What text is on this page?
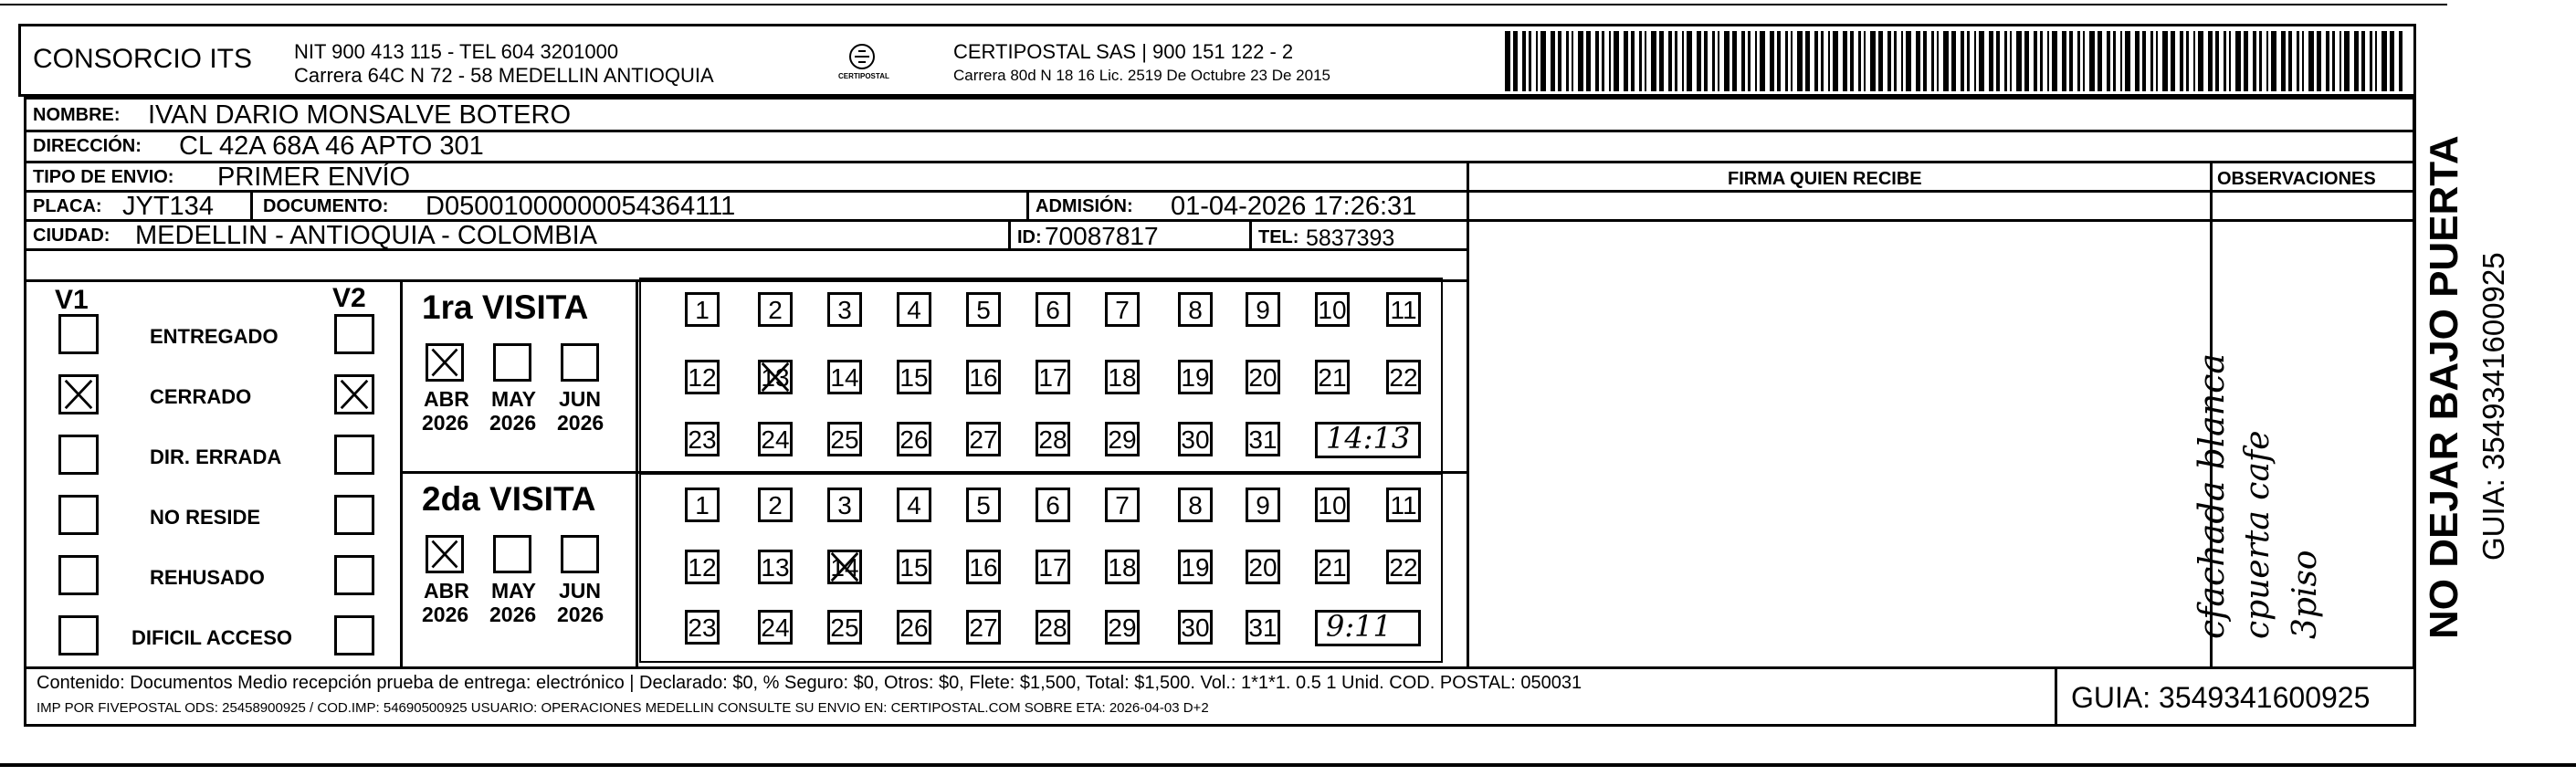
CONSORCIO ITS NIT 900 413 115 - TEL 604 3201000
Carrera 64C N 72 - 58 MEDELLIN ANTIOQUIA	CERTIPOSTAL
CERTIPOSTAL SAS | 900 151 122 - 2
Carrera 80d N 18 16 Lic. 2519 De Octubre 23 De 2015
NOMBRE: IVAN DARIO MONSALVE BOTERO
DIRECCIÓN: CL 42A 68A 46 APTO 301
TIPO DE ENVIO: PRIMER ENVÍO
PLACA: JYT134	DOCUMENTO: D05001000000054364111	ADMISIÓN: 01-04-2026 17:26:31
CIUDAD: MEDELLIN - ANTIOQUIA - COLOMBIA	ID: 70087817	TEL: 5837393
FIRMA QUIEN RECIBE	OBSERVACIONES
cfachada blanca cpuerta cafe 3piso NO DEJAR BAJO PUERTA GUIA: 3549341600925
V1	V2
ENTREGADO
CERRADO
DIR. ERRADA
NO RESIDE
REHUSADO
DIFICIL ACCESO
1ra VISITA
2da VISITA
ABR
2026
MAY
2026
JUN
2026
ABR
2026
MAY
2026
JUN
2026
1	2	3	4	5	6	7	8	9	10 11
12 13 14 15 16 17 18 19 20 21 22
23 24 25 26 27 28 29 30 31 14:13
1	2	3	4	5	6	7	8	9	10 11
12 13 14 15 16 17 18 19 20 21 22
23 24 25 26 27 28 29 30 31 9:11
Contenido: Documentos Medio recepción prueba de entrega: electrónico | Declarado: $0, % Seguro: $0, Otros: $0, Flete: $1,500, Total: $1,500. Vol.: 1*1*1. 0.5 1 Unid. COD. POSTAL: 050031
IMP POR FIVEPOSTAL ODS: 25458900925 / COD.IMP: 54690500925 USUARIO: OPERACIONES MEDELLIN CONSULTE SU ENVIO EN: CERTIPOSTAL.COM SOBRE ETA: 2026-04-03 D+2	GUIA: 3549341600925
